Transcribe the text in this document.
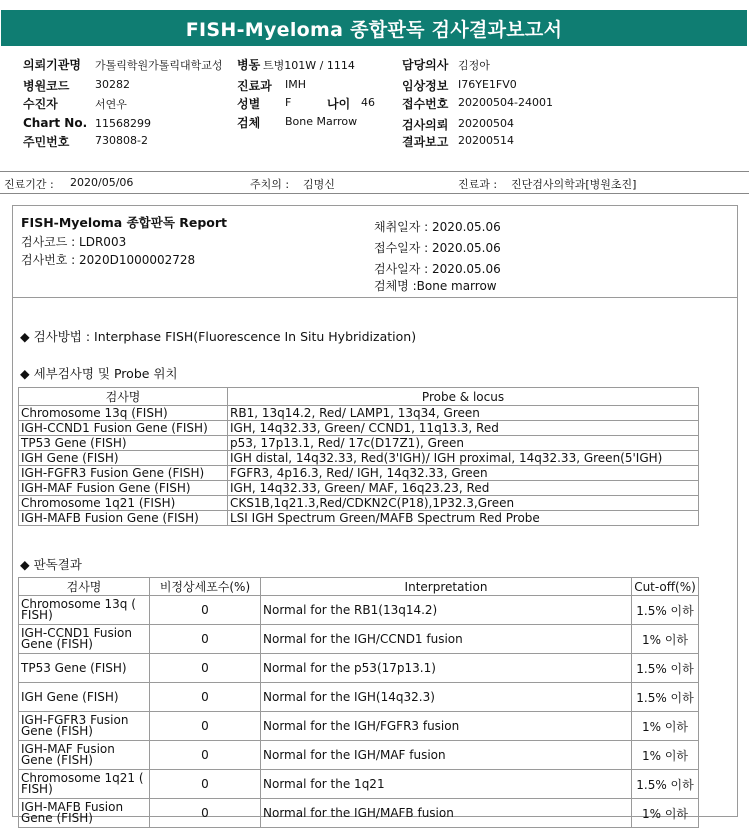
FISH-Myeloma 종합판독 검사결과보고서
의뢰기관명 가톨릭학원가톨릭대학교성 병동 트병101W / 1114	담당의사 김정아
병원코드 30282	진료과 IMH	임상정보 I76YE1FV0
수진자	서연우	성별 F	나이 46 접수번호 20200504-24001
Chart No. 11568299	검체 Bone Marrow	검사의뢰 20200504
주민번호 730808-2	결과보고 20200514
진료기간 : 2020/05/06	주치의 : 김명신	진료과 : 진단검사의학과[병원초진]
FISH-Myeloma 종합판독 Report
검사코드 : LDR003
검사번호 : 2020D1000002728
채취일자 : 2020.05.06
접수일자 : 2020.05.06
검사일자 : 2020.05.06
검체명 :Bone marrow
◆ 검사방법 : Interphase FISH(Fluorescence In Situ Hybridization)
◆ 세부검사명 및 Probe 위치
검사명	Probe & locus
Chromosome 13q (FISH)	RB1, 13q14.2, Red/ LAMP1, 13q34, Green
IGH-CCND1 Fusion Gene (FISH)	IGH, 14q32.33, Green/ CCND1, 11q13.3, Red
TP53 Gene (FISH)	p53, 17p13.1, Red/ 17c(D17Z1), Green
IGH Gene (FISH)	IGH distal, 14q32.33, Red(3'IGH)/ IGH proximal, 14q32.33, Green(5'IGH)
IGH-FGFR3 Fusion Gene (FISH)	FGFR3, 4p16.3, Red/ IGH, 14q32.33, Green
IGH-MAF Fusion Gene (FISH)	IGH, 14q32.33, Green/ MAF, 16q23.23, Red
Chromosome 1q21 (FISH)	CKS1B,1q21.3,Red/CDKN2C(P18),1P32.3,Green
IGH-MAFB Fusion Gene (FISH)	LSI IGH Spectrum Green/MAFB Spectrum Red Probe
◆ 판독결과
검사명	비정상세포수(%)	Interpretation	Cut-off(%)
Chromosome 13q ( FISH)	0	Normal for the RB1(13q14.2)	1.5% 이하
IGH-CCND1 Fusion Gene (FISH)	0	Normal for the IGH/CCND1 fusion	1% 이하
TP53 Gene (FISH)	0	Normal for the p53(17p13.1)	1.5% 이하
IGH Gene (FISH)	0	Normal for the IGH(14q32.3)	1.5% 이하
IGH-FGFR3 Fusion Gene (FISH)	0	Normal for the IGH/FGFR3 fusion	1% 이하
IGH-MAF Fusion Gene (FISH)	0	Normal for the IGH/MAF fusion	1% 이하
Chromosome 1q21 ( FISH)	0	Normal for the 1q21	1.5% 이하
IGH-MAFB Fusion Gene (FISH)	0	Normal for the IGH/MAFB fusion	1% 이하
